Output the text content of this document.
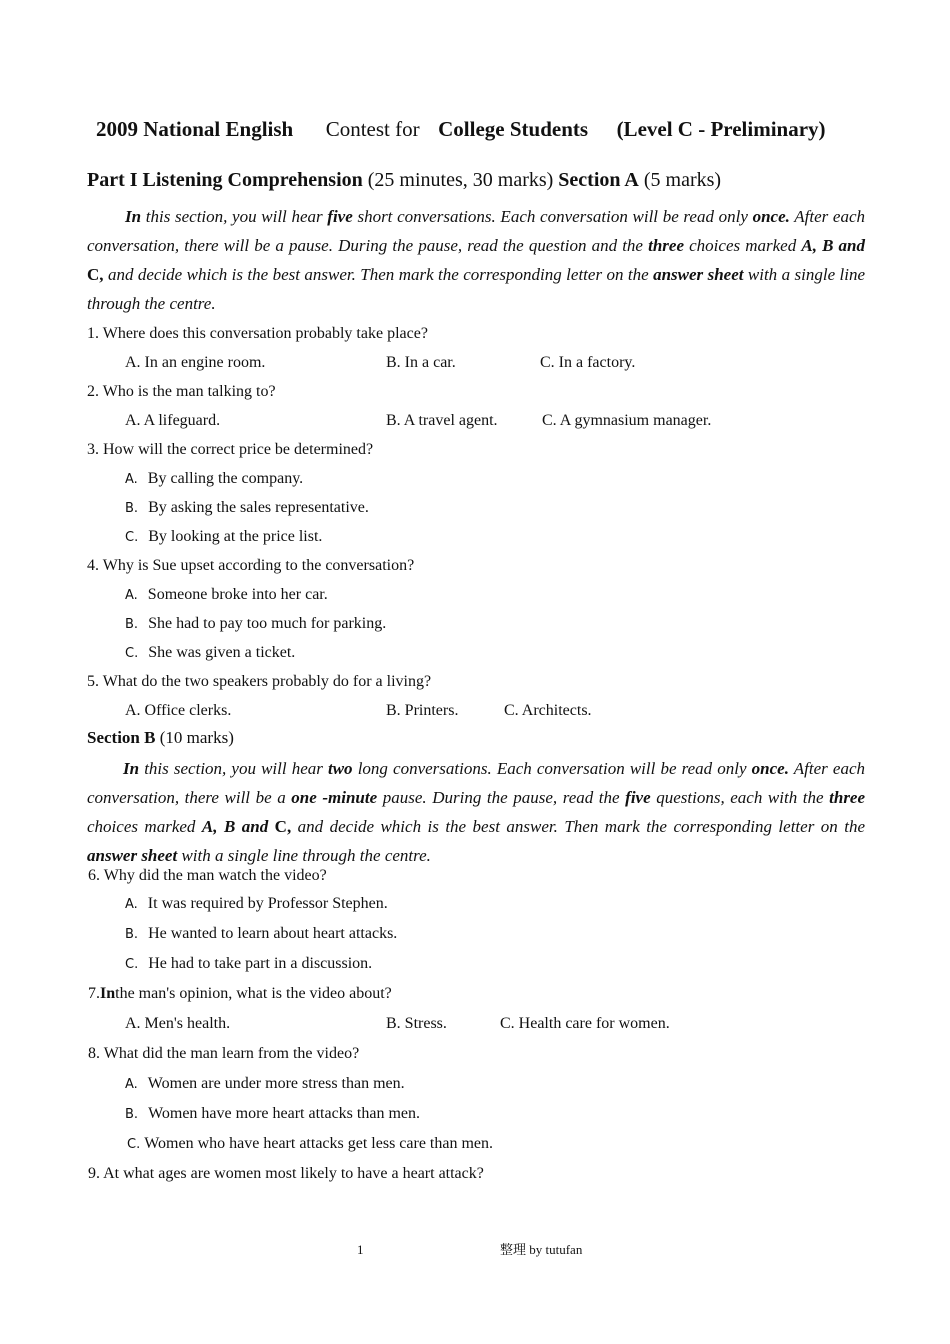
2009 National English Contest for College Students (Level C - Preliminary)
Part I Listening Comprehension (25 minutes, 30 marks) Section A (5 marks)
In this section, you will hear five short conversations. Each conversation will be read only once. After each conversation, there will be a pause. During the pause, read the question and the three choices marked A, B and C, and decide which is the best answer. Then mark the corresponding letter on the answer sheet with a single line through the centre.
1. Where does this conversation probably take place?
A. In an engine room.	B. In a car.	C. In a factory.
2. Who is the man talking to?
A. A lifeguard.	B. A travel agent.	C. A gymnasium manager.
3. How will the correct price be determined?
A. By calling the company.
B. By asking the sales representative.
C. By looking at the price list.
4. Why is Sue upset according to the conversation?
A. Someone broke into her car.
B. She had to pay too much for parking.
C. She was given a ticket.
5. What do the two speakers probably do for a living?
A. Office clerks.	B. Printers.	C. Architects.
Section B (10 marks)
In this section, you will hear two long conversations. Each conversation will be read only once. After each conversation, there will be a one -minute pause. During the pause, read the five questions, each with the three choices marked A, B and C, and decide which is the best answer. Then mark the corresponding letter on the answer sheet with a single line through the centre.
6. Why did the man watch the video?
A. It was required by Professor Stephen.
B. He wanted to learn about heart attacks.
C. He had to take part in a discussion.
7.Inthe man's opinion, what is the video about?
A. Men's health.	B. Stress.	C. Health care for women.
8. What did the man learn from the video?
A. Women are under more stress than men.
B. Women have more heart attacks than men.
C. Women who have heart attacks get less care than men.
9. At what ages are women most likely to have a heart attack?
1	整理 by tutufan
